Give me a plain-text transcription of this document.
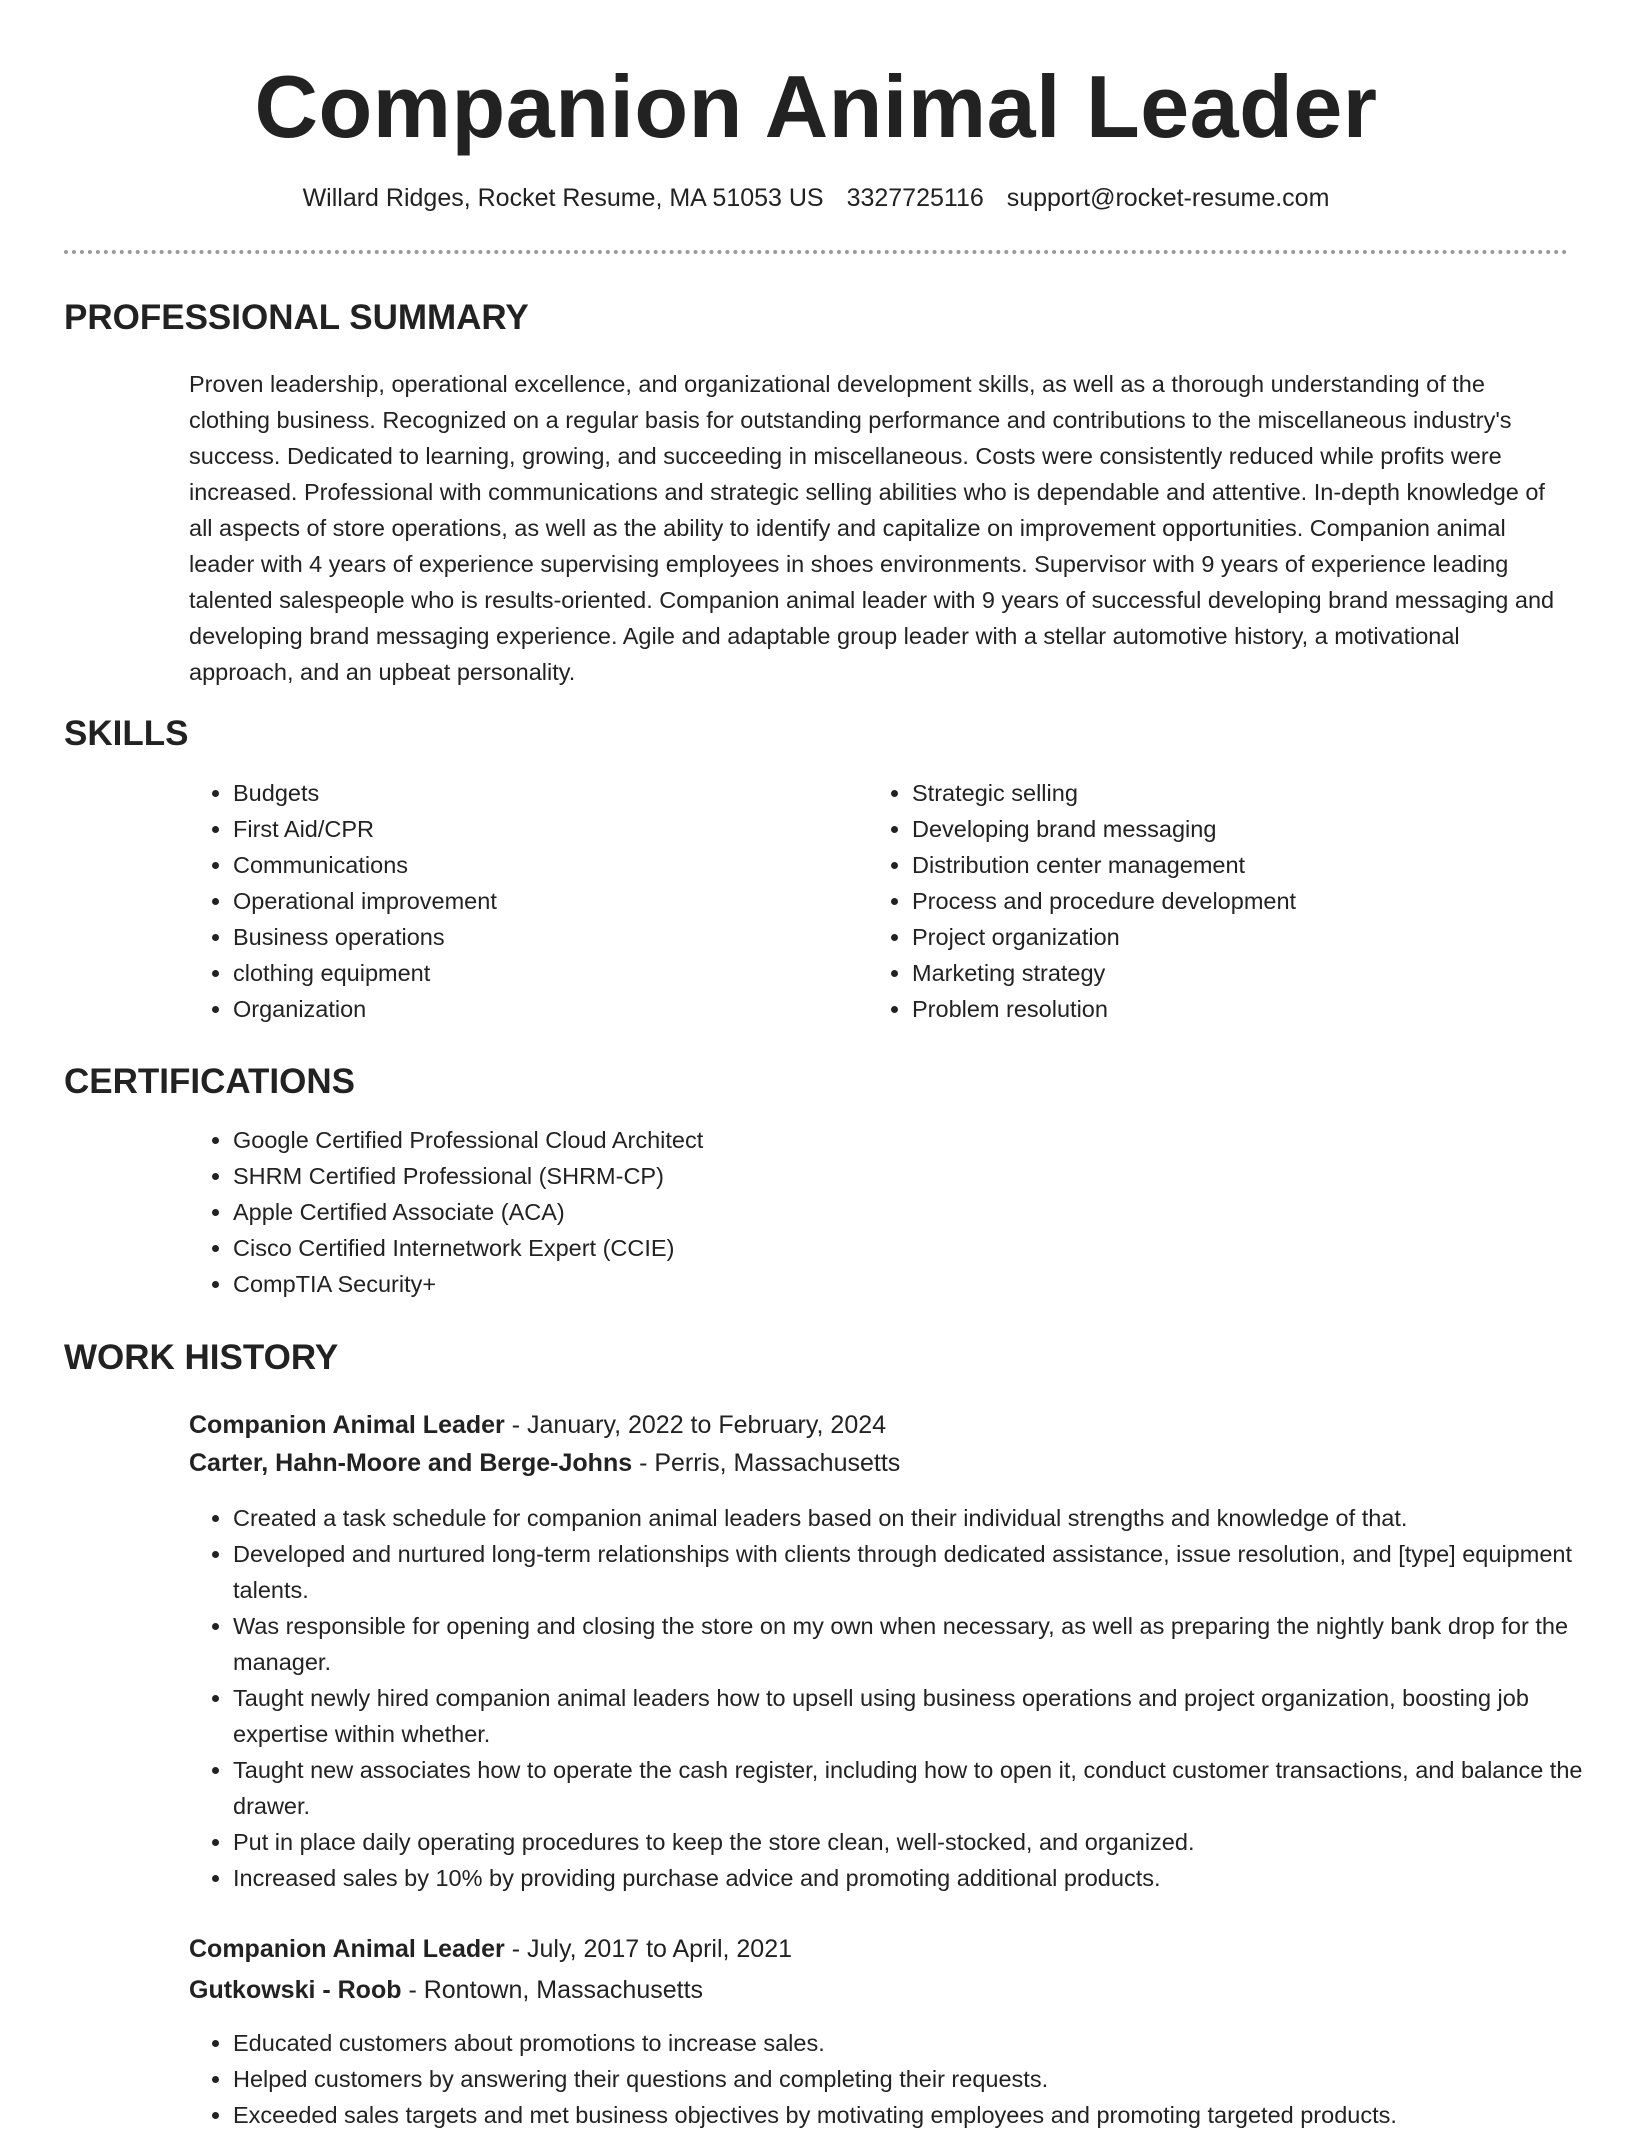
Companion Animal Leader
Willard Ridges, Rocket Resume, MA 51053 US 3327725116 support@rocket-resume.com
PROFESSIONAL SUMMARY

Proven leadership, operational excellence, and organizational development skills, as well as a thorough understanding of the clothing business. Recognized on a regular basis for outstanding performance and contributions to the miscellaneous industry's success. Dedicated to learning, growing, and succeeding in miscellaneous. Costs were consistently reduced while profits were increased. Professional with communications and strategic selling abilities who is dependable and attentive. In-depth knowledge of all aspects of store operations, as well as the ability to identify and capitalize on improvement opportunities. Companion animal leader with 4 years of experience supervising employees in shoes environments. Supervisor with 9 years of experience leading talented salespeople who is results-oriented. Companion animal leader with 9 years of successful developing brand messaging and developing brand messaging experience. Agile and adaptable group leader with a stellar automotive history, a motivational approach, and an upbeat personality.

SKILLS
• Budgets
• First Aid/CPR
• Communications
• Operational improvement
• Business operations
• clothing equipment
• Organization
• Strategic selling
• Developing brand messaging
• Distribution center management
• Process and procedure development
• Project organization
• Marketing strategy
• Problem resolution
CERTIFICATIONS
• Google Certified Professional Cloud Architect
• SHRM Certified Professional (SHRM-CP)
• Apple Certified Associate (ACA)
• Cisco Certified Internetwork Expert (CCIE)
• CompTIA Security+
WORK HISTORY
Companion Animal Leader - January, 2022 to February, 2024
Carter, Hahn-Moore and Berge-Johns - Perris, Massachusetts
• Created a task schedule for companion animal leaders based on their individual strengths and knowledge of that.
• Developed and nurtured long-term relationships with clients through dedicated assistance, issue resolution, and [type] equipment talents.
• Was responsible for opening and closing the store on my own when necessary, as well as preparing the nightly bank drop for the manager.
• Taught newly hired companion animal leaders how to upsell using business operations and project organization, boosting job expertise within whether.
• Taught new associates how to operate the cash register, including how to open it, conduct customer transactions, and balance the drawer.
• Put in place daily operating procedures to keep the store clean, well-stocked, and organized.
• Increased sales by 10% by providing purchase advice and promoting additional products.
Companion Animal Leader - July, 2017 to April, 2021
Gutkowski - Roob - Rontown, Massachusetts
• Educated customers about promotions to increase sales.
• Helped customers by answering their questions and completing their requests.
• Exceeded sales targets and met business objectives by motivating employees and promoting targeted products.
